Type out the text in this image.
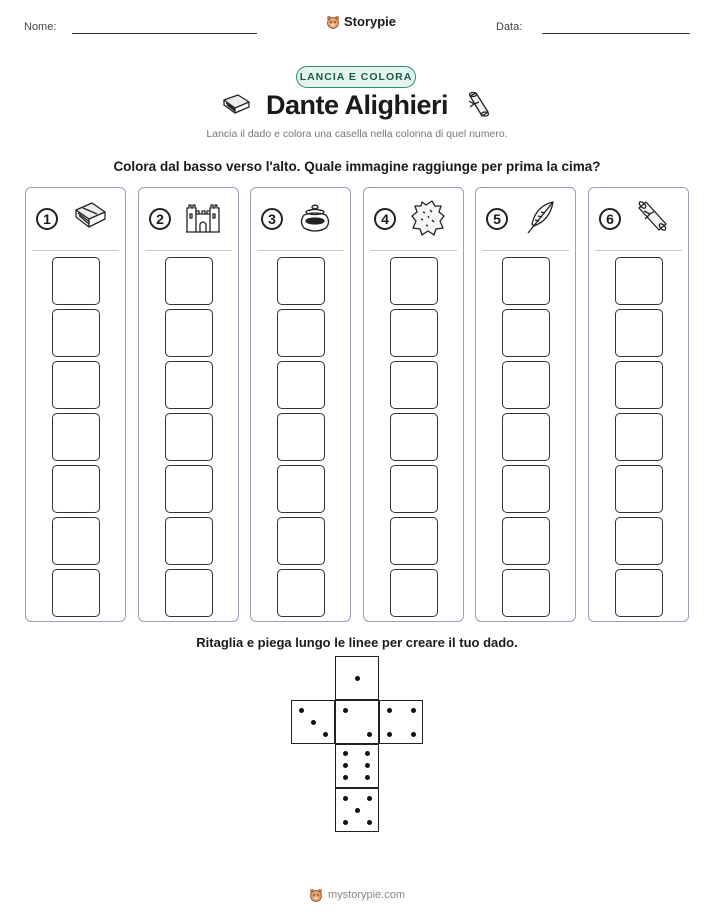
Nome:	Storypie	Data:
LANCIA E COLORA
Dante Alighieri
Lancia il dado e colora una casella nella colonna di quel numero.
Colora dal basso verso l'alto. Quale immagine raggiunge per prima la cima?
1	2	3	4	5	6
Ritaglia e piega lungo le linee per creare il tuo dado.
mystorypie.com
